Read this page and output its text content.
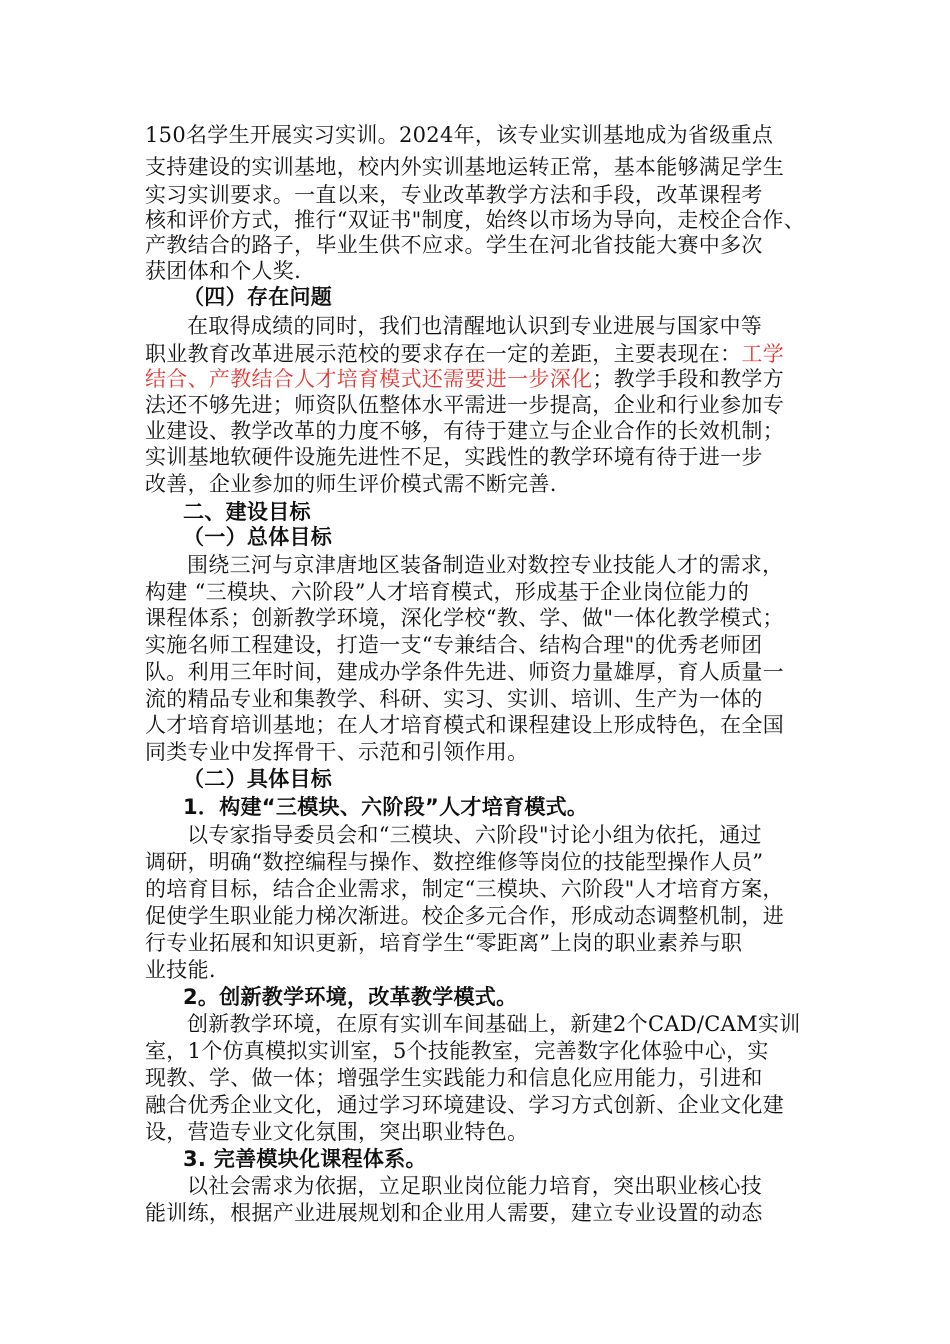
150名学生开展实习实训。2024年，该专业实训基地成为省级重点
支持建设的实训基地，校内外实训基地运转正常，基本能够满足学生
实习实训要求。一直以来，专业改革教学方法和手段，改革课程考
核和评价方式，推行“双证书"制度，始终以市场为导向，走校企合作、
产教结合的路子，毕业生供不应求。学生在河北省技能大赛中多次
获团体和个人奖.
（四）存在问题
在取得成绩的同时，我们也清醒地认识到专业进展与国家中等
职业教育改革进展示范校的要求存在一定的差距，主要表现在：工学
结合、产教结合人才培育模式还需要进一步深化；教学手段和教学方
法还不够先进；师资队伍整体水平需进一步提高，企业和行业参加专
业建设、教学改革的力度不够，有待于建立与企业合作的长效机制；
实训基地软硬件设施先进性不足，实践性的教学环境有待于进一步
改善，企业参加的师生评价模式需不断完善.
二、建设目标
（一）总体目标
围绕三河与京津唐地区装备制造业对数控专业技能人才的需求，
构建 “三模块、六阶段”人才培育模式，形成基于企业岗位能力的
课程体系；创新教学环境，深化学校“教、学、做"一体化教学模式；
实施名师工程建设，打造一支“专兼结合、结构合理"的优秀老师团
队。利用三年时间，建成办学条件先进、师资力量雄厚，育人质量一
流的精品专业和集教学、科研、实习、实训、培训、生产为一体的
人才培育培训基地；在人才培育模式和课程建设上形成特色，在全国
同类专业中发挥骨干、示范和引领作用。
（二）具体目标
1．构建“三模块、六阶段”人才培育模式。
以专家指导委员会和“三模块、六阶段"讨论小组为依托，通过
调研，明确“数控编程与操作、数控维修等岗位的技能型操作人员”
的培育目标，结合企业需求，制定“三模块、六阶段"人才培育方案，
促使学生职业能力梯次渐进。校企多元合作，形成动态调整机制，进
行专业拓展和知识更新，培育学生“零距离”上岗的职业素养与职
业技能.
2。创新教学环境，改革教学模式。
创新教学环境，在原有实训车间基础上，新建2个CAD/CAM实训
室，1个仿真模拟实训室，5个技能教室，完善数字化体验中心，实
现教、学、做一体；增强学生实践能力和信息化应用能力，引进和
融合优秀企业文化，通过学习环境建设、学习方式创新、企业文化建
设，营造专业文化氛围，突出职业特色。
3. 完善模块化课程体系。
以社会需求为依据，立足职业岗位能力培育，突出职业核心技
能训练，根据产业进展规划和企业用人需要，建立专业设置的动态
